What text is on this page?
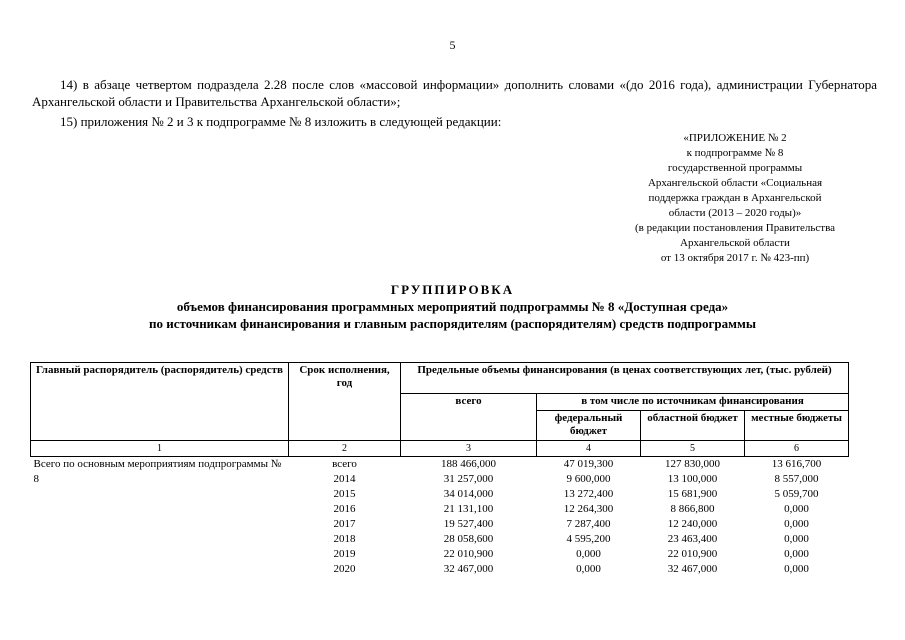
5
14) в абзаце четвертом подраздела 2.28 после слов «массовой информации» дополнить словами «(до 2016 года), администрации Губернатора Архангельской области и Правительства Архангельской области»;
15) приложения № 2 и 3 к подпрограмме № 8 изложить в следующей редакции:
«ПРИЛОЖЕНИЕ № 2
к подпрограмме № 8
государственной программы
Архангельской области «Социальная
поддержка граждан в Архангельской
области (2013 – 2020 годы)»
(в редакции постановления Правительства
Архангельской области
от 13 октября 2017 г. № 423-пп)
ГРУППИРОВКА
объемов финансирования программных мероприятий подпрограммы № 8 «Доступная среда»
по источникам финансирования и главным распорядителям (распорядителям) средств подпрограммы
Главный распорядитель (распорядитель) средств	Срок исполнения, год	Предельные объемы финансирования (в ценах соответствующих лет, (тыс. рублей)			
		всего	в том числе по источникам финансирования		
			федеральный бюджет	областной бюджет	местные бюджеты
1	2	3	4	5	6
Всего по основным мероприятиям подпрограммы № 8	всего	188 466,000	47 019,300	127 830,000	13 616,700
	2014	31 257,000	9 600,000	13 100,000	8 557,000
	2015	34 014,000	13 272,400	15 681,900	5 059,700
	2016	21 131,100	12 264,300	8 866,800	0,000
	2017	19 527,400	7 287,400	12 240,000	0,000
	2018	28 058,600	4 595,200	23 463,400	0,000
	2019	22 010,900	0,000	22 010,900	0,000
	2020	32 467,000	0,000	32 467,000	0,000
